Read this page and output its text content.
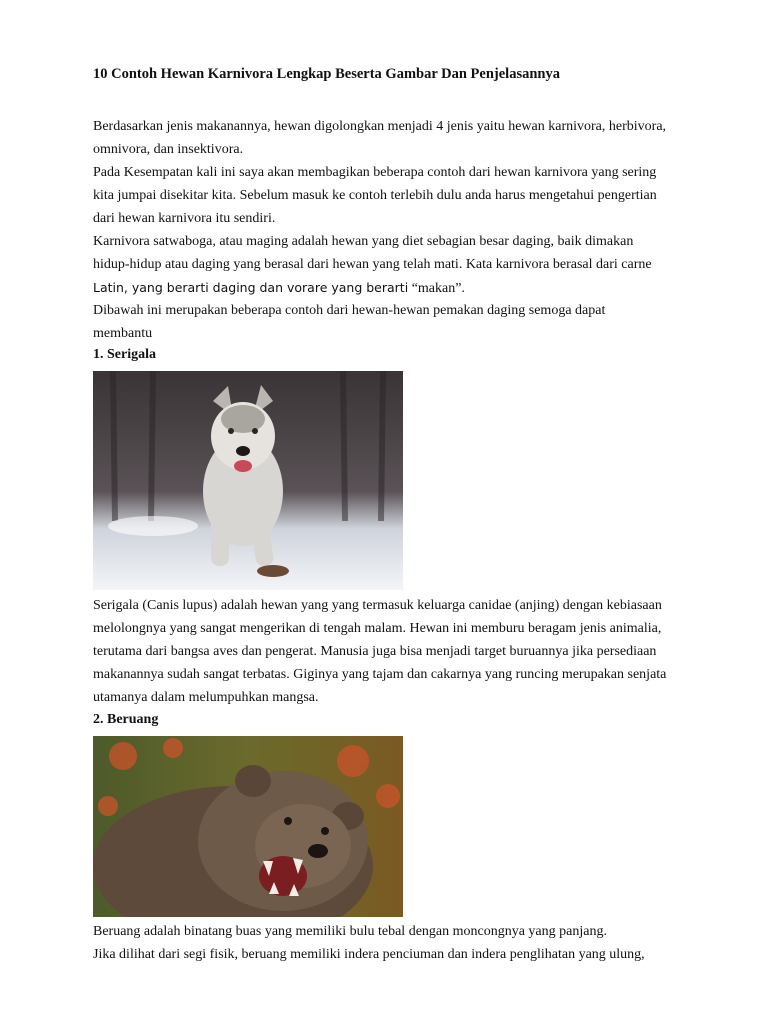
10 Contoh Hewan Karnivora Lengkap Beserta Gambar Dan Penjelasannya

Berdasarkan jenis makanannya, hewan digolongkan menjadi 4 jenis yaitu hewan karnivora, herbivora,

omnivora, dan insektivora.

Pada Kesempatan kali ini saya akan membagikan beberapa contoh dari hewan karnivora yang sering

kita jumpai disekitar kita. Sebelum masuk ke contoh terlebih dulu anda harus mengetahui pengertian

dari hewan karnivora itu sendiri.

Karnivora satwaboga, atau maging adalah hewan yang diet sebagian besar daging, baik dimakan

hidup-hidup atau daging yang berasal dari hewan yang telah mati. Kata karnivora berasal dari carne

Latin, yang berarti daging dan vorare yang berarti “makan”.

Dibawah ini merupakan beberapa contoh dari hewan-hewan pemakan daging semoga dapat

membantu

1. Serigala

Serigala (Canis lupus) adalah hewan yang yang termasuk keluarga canidae (anjing) dengan kebiasaan

melolongnya yang sangat mengerikan di tengah malam. Hewan ini memburu beragam jenis animalia,

terutama dari bangsa aves dan pengerat. Manusia juga bisa menjadi target buruannya jika persediaan

makanannya sudah sangat terbatas. Giginya yang tajam dan cakarnya yang runcing merupakan senjata

utamanya dalam melumpuhkan mangsa.

2. Beruang

Beruang adalah binatang buas yang memiliki bulu tebal dengan moncongnya yang panjang.

Jika dilihat dari segi fisik, beruang memiliki indera penciuman dan indera penglihatan yang ulung,
